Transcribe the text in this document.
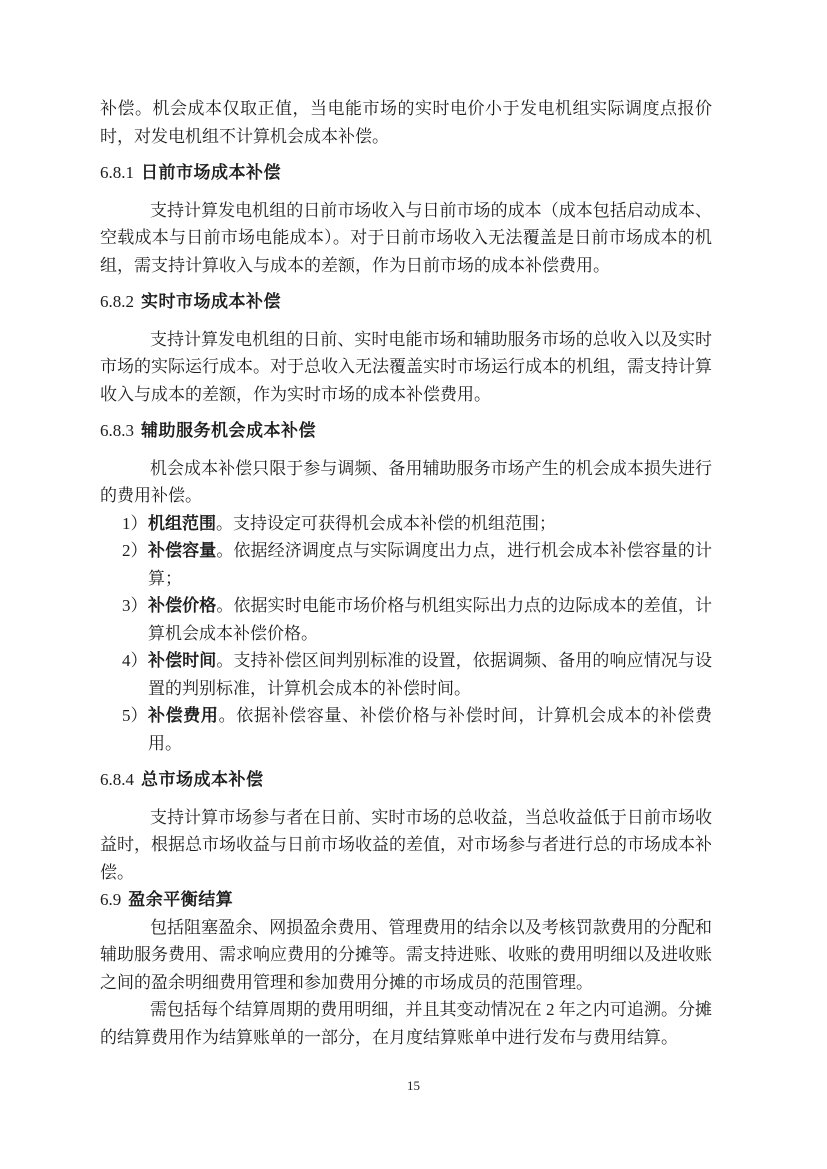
补偿。机会成本仅取正值，当电能市场的实时电价小于发电机组实际调度点报价时，对发电机组不计算机会成本补偿。

6.8.1 日前市场成本补偿

支持计算发电机组的日前市场收入与日前市场的成本（成本包括启动成本、空载成本与日前市场电能成本）。对于日前市场收入无法覆盖是日前市场成本的机组，需支持计算收入与成本的差额，作为日前市场的成本补偿费用。

6.8.2 实时市场成本补偿

支持计算发电机组的日前、实时电能市场和辅助服务市场的总收入以及实时市场的实际运行成本。对于总收入无法覆盖实时市场运行成本的机组，需支持计算收入与成本的差额，作为实时市场的成本补偿费用。

6.8.3 辅助服务机会成本补偿

机会成本补偿只限于参与调频、备用辅助服务市场产生的机会成本损失进行的费用补偿。

1） 机组范围。支持设定可获得机会成本补偿的机组范围；
2） 补偿容量。依据经济调度点与实际调度出力点，进行机会成本补偿容量的计算；
3） 补偿价格。依据实时电能市场价格与机组实际出力点的边际成本的差值，计算机会成本补偿价格。
4） 补偿时间。支持补偿区间判别标准的设置，依据调频、备用的响应情况与设置的判别标准，计算机会成本的补偿时间。
5） 补偿费用。依据补偿容量、补偿价格与补偿时间，计算机会成本的补偿费用。
6.8.4 总市场成本补偿

支持计算市场参与者在日前、实时市场的总收益，当总收益低于日前市场收益时，根据总市场收益与日前市场收益的差值，对市场参与者进行总的市场成本补偿。

6.9 盈余平衡结算

包括阻塞盈余、网损盈余费用、管理费用的结余以及考核罚款费用的分配和辅助服务费用、需求响应费用的分摊等。需支持进账、收账的费用明细以及进收账之间的盈余明细费用管理和参加费用分摊的市场成员的范围管理。

需包括每个结算周期的费用明细，并且其变动情况在 2 年之内可追溯。分摊的结算费用作为结算账单的一部分，在月度结算账单中进行发布与费用结算。

15
